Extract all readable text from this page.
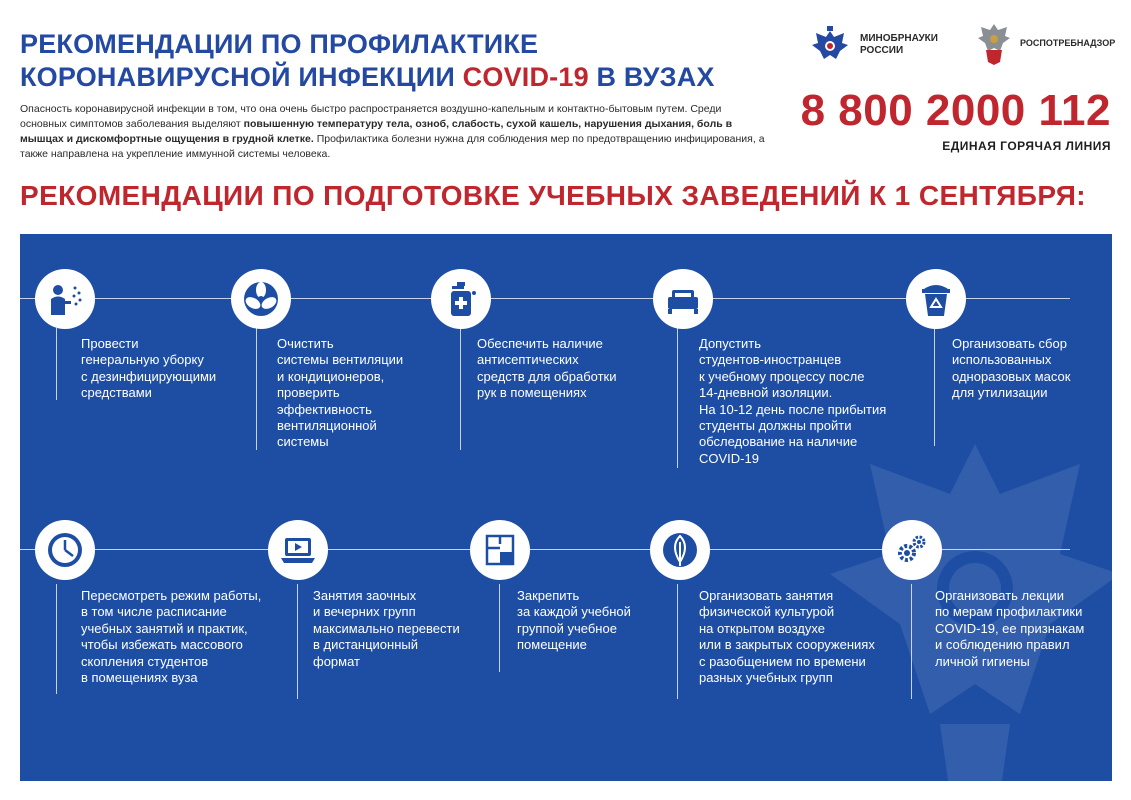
РЕКОМЕНДАЦИИ ПО ПРОФИЛАКТИКЕ
КОРОНАВИРУСНОЙ ИНФЕКЦИИ COVID-19 В ВУЗАХ
Опасность коронавирусной инфекции в том, что она очень быстро распространяется воздушно-капельным и контактно-бытовым путем. Среди основных симптомов заболевания выделяют повышенную температуру тела, озноб, слабость, сухой кашель, нарушения дыхания, боль в мышцах и дискомфортные ощущения в грудной клетке. Профилактика болезни нужна для соблюдения мер по предотвращению инфицирования, а также направлена на укрепление иммунной системы человека.
МИНОБРНАУКИ
РОССИИ
РОСПОТРЕБНАДЗОР
8 800 2000 112
ЕДИНАЯ ГОРЯЧАЯ ЛИНИЯ
РЕКОМЕНДАЦИИ ПО ПОДГОТОВКЕ УЧЕБНЫХ ЗАВЕДЕНИЙ К 1 СЕНТЯБРЯ:
Провести
генеральную уборку
с дезинфицирующими
средствами
Очистить
системы вентиляции
и кондиционеров,
проверить
эффективность
вентиляционной
системы
Обеспечить наличие
антисептических
средств для обработки
рук в помещениях
Допустить
студентов-иностранцев
к учебному процессу после
14-дневной изоляции.
На 10-12 день после прибытия
студенты должны пройти
обследование на наличие
COVID-19
Организовать сбор
использованных
одноразовых масок
для утилизации
Пересмотреть режим работы,
в том числе расписание
учебных занятий и практик,
чтобы избежать массового
скопления студентов
в помещениях вуза
Занятия заочных
и вечерних групп
максимально перевести
в дистанционный
формат
Закрепить
за каждой учебной
группой учебное
помещение
Организовать занятия
физической культурой
на открытом воздухе
или в закрытых сооружениях
с разобщением по времени
разных учебных групп
Организовать лекции
по мерам профилактики
COVID-19, ее признакам
и соблюдению правил
личной гигиены
